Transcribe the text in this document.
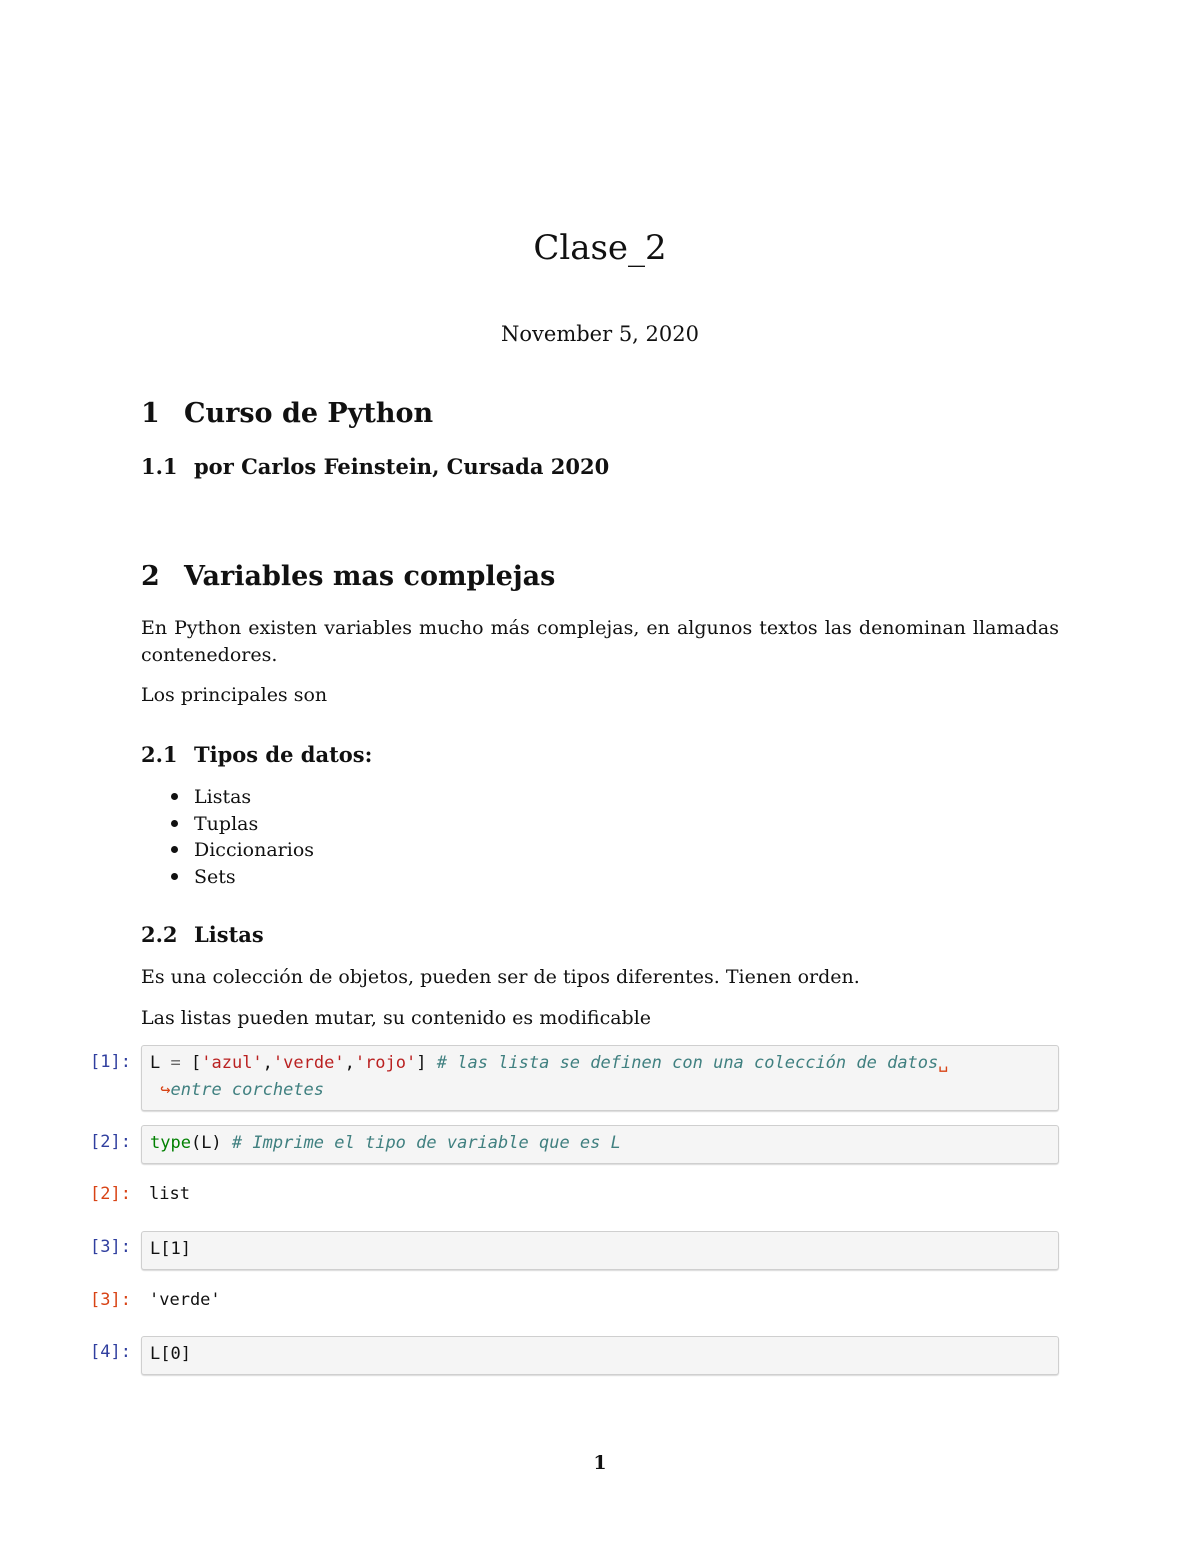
Clase_2
November 5, 2020
1 Curso de Python
1.1 por Carlos Feinstein, Cursada 2020
2 Variables mas complejas
En Python existen variables mucho más complejas, en algunos textos las denominan llamadas contenedores.
Los principales son
2.1 Tipos de datos:
Listas
Tuplas
Diccionarios
Sets
2.2 Listas
Es una colección de objetos, pueden ser de tipos diferentes. Tienen orden.
Las listas pueden mutar, su contenido es modificable
[1]:	L = ['azul','verde','rojo'] # las lista se definen con una colección de datos␣
↪entre corchetes
[2]:	type(L) # Imprime el tipo de variable que es L
[2]:	list
[3]:	L[1]
[3]:	'verde'
[4]:	L[0]
1
